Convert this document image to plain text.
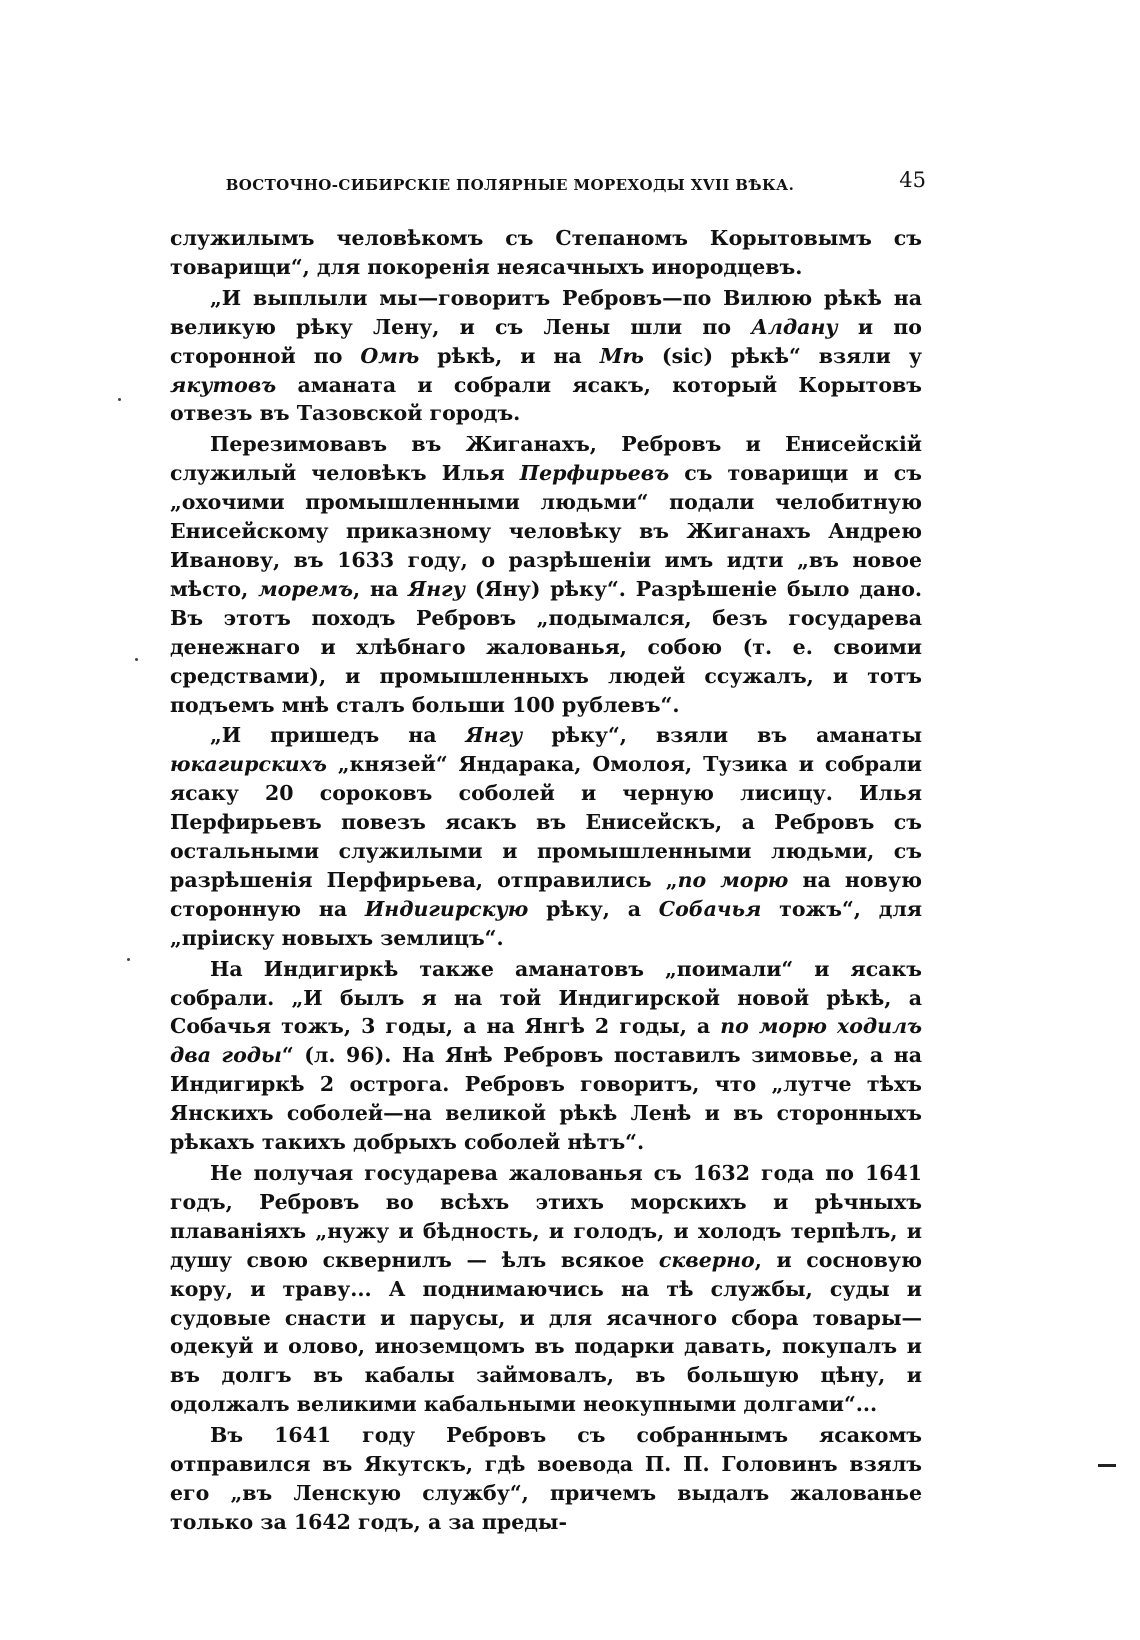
ВОСТОЧНО-СИБИРСКІЕ ПОЛЯРНЫЕ МОРЕХОДЫ XVII ВѢКА.	45

служилымъ человѣкомъ съ Степаномъ Корытовымъ съ товарищи“, для покоренія неясачныхъ инородцевъ.

„И выплыли мы—говоритъ Ребровъ—по Вилюю рѣкѣ на великую рѣку Лену, и съ Лены шли по Алдану и по сторонной по Омѣ рѣкѣ, и на Мѣ (sic) рѣкѣ“ взяли у якутовъ аманата и собрали ясакъ, который Корытовъ отвезъ въ Тазовской городъ.

Перезимовавъ въ Жиганахъ, Ребровъ и Енисейскій служилый человѣкъ Илья Перфирьевъ съ товарищи и съ „охочими промышленными людьми“ подали челобитную Енисейскому приказному человѣку въ Жиганахъ Андрею Иванову, въ 1633 году, о разрѣшеніи имъ идти „въ новое мѣсто, моремъ, на Янгу (Яну) рѣку“. Разрѣшеніе было дано. Въ этотъ походъ Ребровъ „подымался, безъ государева денежнаго и хлѣбнаго жалованья, собою (т. е. своими средствами), и промышленныхъ людей ссужалъ, и тотъ подъемъ мнѣ сталъ больши 100 рублевъ“.

„И пришедъ на Янгу рѣку“, взяли въ аманаты юкагирскихъ „князей“ Яндарака, Омолоя, Тузика и собрали ясаку 20 сороковъ соболей и черную лисицу. Илья Перфирьевъ повезъ ясакъ въ Енисейскъ, а Ребровъ съ остальными служилыми и промышленными людьми, съ разрѣшенія Перфирьева, отправились „по морю на новую сторонную на Индигирскую рѣку, а Собачья тожъ“, для „пріиску новыхъ землицъ“.

На Индигиркѣ также аманатовъ „поимали“ и ясакъ собрали. „И былъ я на той Индигирской новой рѣкѣ, а Собачья тожъ, 3 годы, а на Янгѣ 2 годы, а по морю ходилъ два годы“ (л. 96). На Янѣ Ребровъ поставилъ зимовье, а на Индигиркѣ 2 острога. Ребровъ говоритъ, что „лутче тѣхъ Янскихъ соболей—на великой рѣкѣ Ленѣ и въ сторонныхъ рѣкахъ такихъ добрыхъ соболей нѣтъ“.

Не получая государева жалованья съ 1632 года по 1641 годъ, Ребровъ во всѣхъ этихъ морскихъ и рѣчныхъ плаваніяхъ „нужу и бѣдность, и голодъ, и холодъ терпѣлъ, и душу свою сквернилъ — ѣлъ всякое скверно, и сосновую кору, и траву... А поднимаючись на тѣ службы, суды и судовые снасти и парусы, и для ясачного сбора товары—одекуй и олово, иноземцомъ въ подарки давать, покупалъ и въ долгъ въ кабалы займовалъ, въ большую цѣну, и одолжалъ великими кабальными неокупными долгами“...

Въ 1641 году Ребровъ съ собраннымъ ясакомъ отправился въ Якутскъ, гдѣ воевода П. П. Головинъ взялъ его „въ Ленскую службу“, причемъ выдалъ жалованье только за 1642 годъ, а за преды-
